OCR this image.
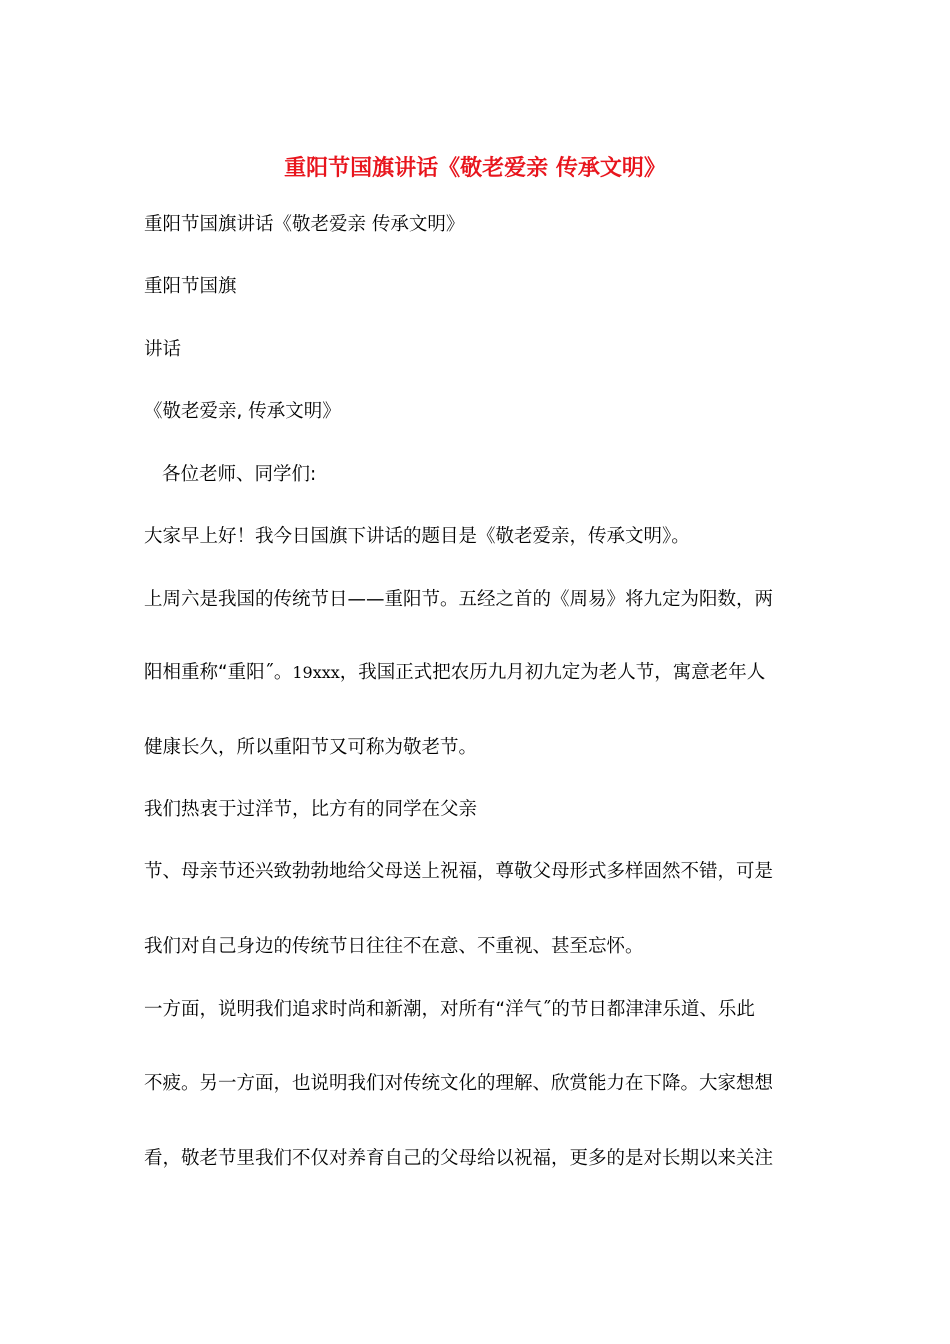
重阳节国旗讲话《敬老爱亲 传承文明》
重阳节国旗讲话《敬老爱亲 传承文明》
重阳节国旗
讲话
《敬老爱亲, 传承文明》
各位老师、同学们:
大家早上好！我今日国旗下讲话的题目是《敬老爱亲，传承文明》。
上周六是我国的传统节日——重阳节。五经之首的《周易》将九定为阳数，两
阳相重称“重阳˝。19xxx，我国正式把农历九月初九定为老人节，寓意老年人
健康长久，所以重阳节又可称为敬老节。
我们热衷于过洋节，比方有的同学在父亲
节、母亲节还兴致勃勃地给父母送上祝福，尊敬父母形式多样固然不错，可是
我们对自己身边的传统节日往往不在意、不重视、甚至忘怀。
一方面，说明我们追求时尚和新潮，对所有“洋气˝的节日都津津乐道、乐此
不疲。另一方面，也说明我们对传统文化的理解、欣赏能力在下降。大家想想
看，敬老节里我们不仅对养育自己的父母给以祝福，更多的是对长期以来关注
